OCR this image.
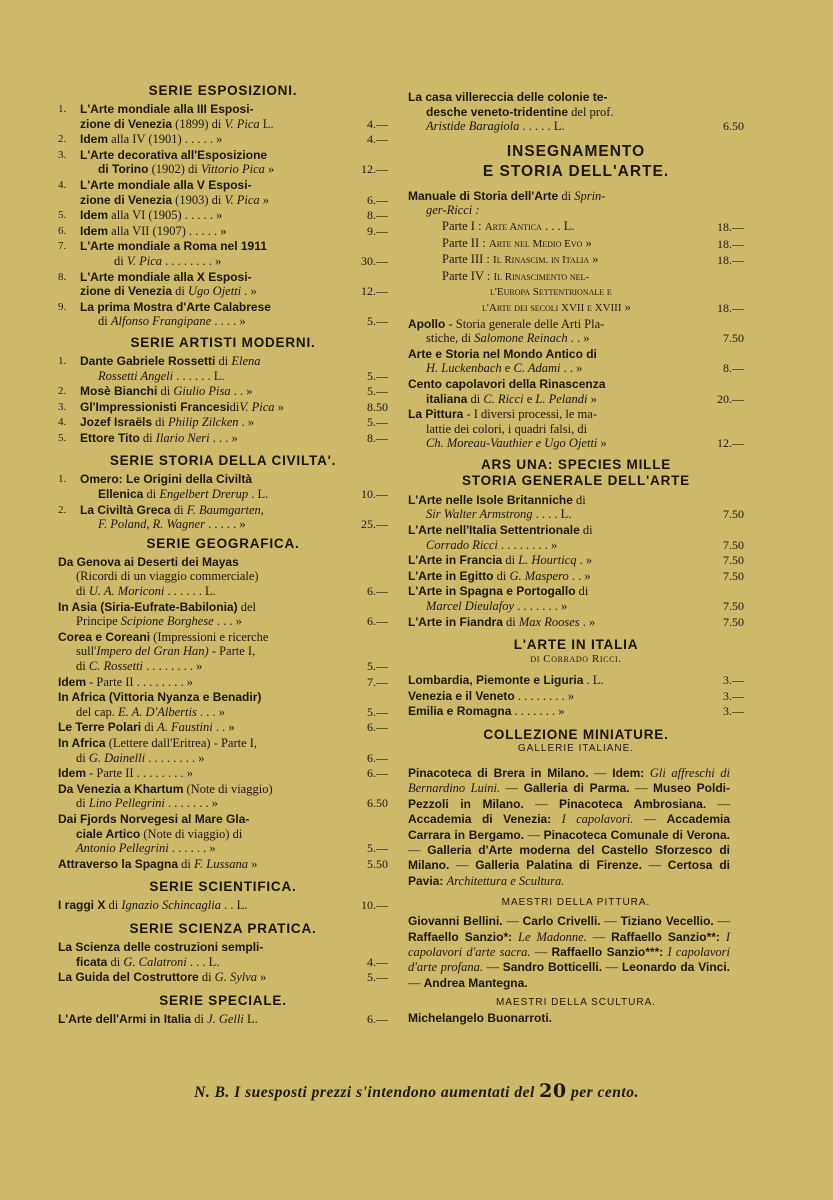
SERIE ESPOSIZIONI.
1.	L'Arte mondiale alla III Esposi-
zione di Venezia (1899) di V. Pica L.	4.—
2.	Idem alla IV (1901) . . . . . »	4.—
3.	L'Arte decorativa all'Esposizione
di Torino (1902) di Vittorio Pica »	12.—
4.	L'Arte mondiale alla V Esposi-
zione di Venezia (1903) di V. Pica »	6.—
5.	Idem alla VI (1905) . . . . . »	8.—
6.	Idem alla VII (1907) . . . . . »	9.—
7.	L'Arte mondiale a Roma nel 1911
di V. Pica . . . . . . . . »	30.—
8.	L'Arte mondiale alla X Esposi-
zione di Venezia di Ugo Ojetti . »	12.—
9.	La prima Mostra d'Arte Calabrese
di Alfonso Frangipane . . . . »	5.—
SERIE ARTISTI MODERNI.
1.	Dante Gabriele Rossetti di Elena
Rossetti Angeli . . . . . . L.	5.—
2.	Mosè Bianchi di Giulio Pisa . . »	5.—
3.	Gl'Impressionisti FrancesidiV. Pica »	8.50
4.	Jozef Israëls di Philip Zilcken . »	5.—
5.	Ettore Tito di Ilario Neri . . . »	8.—
SERIE STORIA DELLA CIVILTA'.
1.	Omero: Le Origini della Civiltà
Ellenica di Engelbert Drerup . L.	10.—
2.	La Civiltà Greca di F. Baumgarten,
F. Poland, R. Wagner . . . . . »	25.—
SERIE GEOGRAFICA.
Da Genova ai Deserti dei Mayas
(Ricordi di un viaggio commerciale)
di U. A. Moriconi . . . . . . L.	6.—
In Asia (Siria-Eufrate-Babilonia) del
Principe Scipione Borghese . . . »	6.—
Corea e Coreani (Impressioni e ricerche
sull'Impero del Gran Han) - Parte I,
di C. Rossetti . . . . . . . . »	5.—
Idem - Parte II . . . . . . . . »	7.—
In Africa (Vittoria Nyanza e Benadir)
del cap. E. A. D'Albertis . . . »	5.—
Le Terre Polari di A. Faustini . . »	6.—
In Africa (Lettere dall'Eritrea) - Parte I,
di G. Dainelli . . . . . . . . »	6.—
Idem - Parte II . . . . . . . . »	6.—
Da Venezia a Khartum (Note di viaggio)
di Lino Pellegrini . . . . . . . »	6.50
Dai Fjords Norvegesi al Mare Gla-
ciale Artico (Note di viaggio) di
Antonio Pellegrini . . . . . . »	5.—
Attraverso la Spagna di F. Lussana »	5.50
SERIE SCIENTIFICA.
I raggi X di Ignazio Schincaglia . . L.	10.—
SERIE SCIENZA PRATICA.
La Scienza delle costruzioni sempli-
ficata di G. Calatroni . . . L.	4.—
La Guida del Costruttore di G. Sylva »	5.—
SERIE SPECIALE.
L'Arte dell'Armi in Italia di J. Gelli L.	6.—
La casa villereccia delle colonie te-
desche veneto-tridentine del prof.
Aristide Baragiola . . . . . L.	6.50
INSEGNAMENTO
E STORIA DELL'ARTE.
Manuale di Storia dell'Arte di Sprin-
ger-Ricci :
Parte I : Arte Antica . . . L.	18.—
Parte II : Arte nel Medio Evo »	18.—
Parte III : Il Rinascim. in Italia »	18.—
Parte IV : Il Rinascimento nel-
l'Europa Settentrionale e
l'Arte dei secoli XVII e XVIII »	18.—
Apollo - Storia generale delle Arti Pla-
stiche, di Salomone Reinach . . »	7.50
Arte e Storia nel Mondo Antico di
H. Luckenbach e C. Adami . . »	8.—
Cento capolavori della Rinascenza
italiana di C. Ricci e L. Pelandi »	20.—
La Pittura - I diversi processi, le ma-
lattie dei colori, i quadri falsi, di
Ch. Moreau-Vauthier e Ugo Ojetti »	12.—
ARS UNA: SPECIES MILLE
STORIA GENERALE DELL'ARTE
L'Arte nelle Isole Britanniche di
Sir Walter Armstrong . . . . L.	7.50
L'Arte nell'Italia Settentrionale di
Corrado Ricci . . . . . . . . »	7.50
L'Arte in Francia di L. Hourticq . »	7.50
L'Arte in Egitto di G. Maspero . . »	7.50
L'Arte in Spagna e Portogallo di
Marcel Dieulafoy . . . . . . . »	7.50
L'Arte in Fiandra di Max Rooses . »	7.50
L'ARTE IN ITALIA
di Corrado Ricci.
Lombardia, Piemonte e Liguria . L.	3.—
Venezia e il Veneto . . . . . . . . »	3.—
Emilia e Romagna . . . . . . . »	3.—
COLLEZIONE MINIATURE.
GALLERIE ITALIANE.
Pinacoteca di Brera in Milano. — Idem: Gli affreschi di Bernardino Luini. — Galleria di Parma. — Museo Poldi-Pezzoli in Milano. — Pinacoteca Ambrosiana. — Accademia di Venezia: I capolavori. — Accademia Carrara in Bergamo. — Pinacoteca Comunale di Verona. — Galleria d'Arte moderna del Castello Sforzesco di Milano. — Galleria Palatina di Firenze. — Certosa di Pavia: Architettura e Scultura.
MAESTRI DELLA PITTURA.
Giovanni Bellini. — Carlo Crivelli. — Tiziano Vecellio. — Raffaello Sanzio*: Le Madonne. — Raffaello Sanzio**: I capolavori d'arte sacra. — Raffaello Sanzio***: I capolavori d'arte profana. — Sandro Botticelli. — Leonardo da Vinci. — Andrea Mantegna.
MAESTRI DELLA SCULTURA.
Michelangelo Buonarroti.
N. B. I suesposti prezzi s'intendono aumentati del 20 per cento.
